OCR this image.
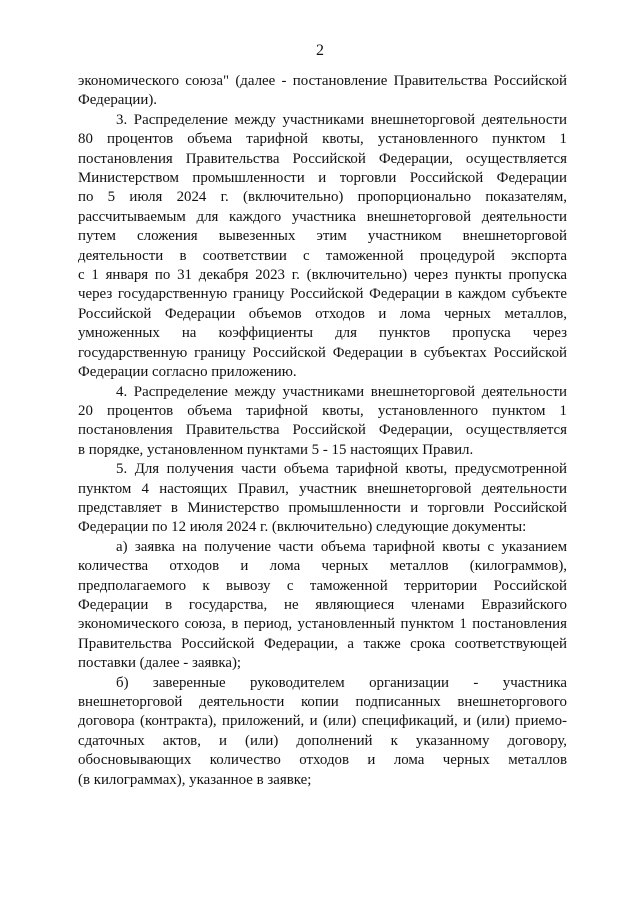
2
экономического союза" (далее - постановление Правительства Российской
Федерации).
3. Распределение между участниками внешнеторговой деятельности
80 процентов объема тарифной квоты, установленного пунктом 1
постановления Правительства Российской Федерации, осуществляется
Министерством промышленности и торговли Российской Федерации
по 5 июля 2024 г. (включительно) пропорционально показателям,
рассчитываемым для каждого участника внешнеторговой деятельности
путем сложения вывезенных этим участником внешнеторговой
деятельности в соответствии с таможенной процедурой экспорта
с 1 января по 31 декабря 2023 г. (включительно) через пункты пропуска
через государственную границу Российской Федерации в каждом субъекте
Российской Федерации объемов отходов и лома черных металлов,
умноженных на коэффициенты для пунктов пропуска через
государственную границу Российской Федерации в субъектах Российской
Федерации согласно приложению.
4. Распределение между участниками внешнеторговой деятельности
20 процентов объема тарифной квоты, установленного пунктом 1
постановления Правительства Российской Федерации, осуществляется
в порядке, установленном пунктами 5 - 15 настоящих Правил.
5. Для получения части объема тарифной квоты, предусмотренной
пунктом 4 настоящих Правил, участник внешнеторговой деятельности
представляет в Министерство промышленности и торговли Российской
Федерации по 12 июля 2024 г. (включительно) следующие документы:
а) заявка на получение части объема тарифной квоты с указанием
количества отходов и лома черных металлов (килограммов),
предполагаемого к вывозу с таможенной территории Российской
Федерации в государства, не являющиеся членами Евразийского
экономического союза, в период, установленный пунктом 1 постановления
Правительства Российской Федерации, а также срока соответствующей
поставки (далее - заявка);
б) заверенные руководителем организации - участника
внешнеторговой деятельности копии подписанных внешнеторгового
договора (контракта), приложений, и (или) спецификаций, и (или) приемо-
сдаточных актов, и (или) дополнений к указанному договору,
обосновывающих количество отходов и лома черных металлов
(в килограммах), указанное в заявке;
